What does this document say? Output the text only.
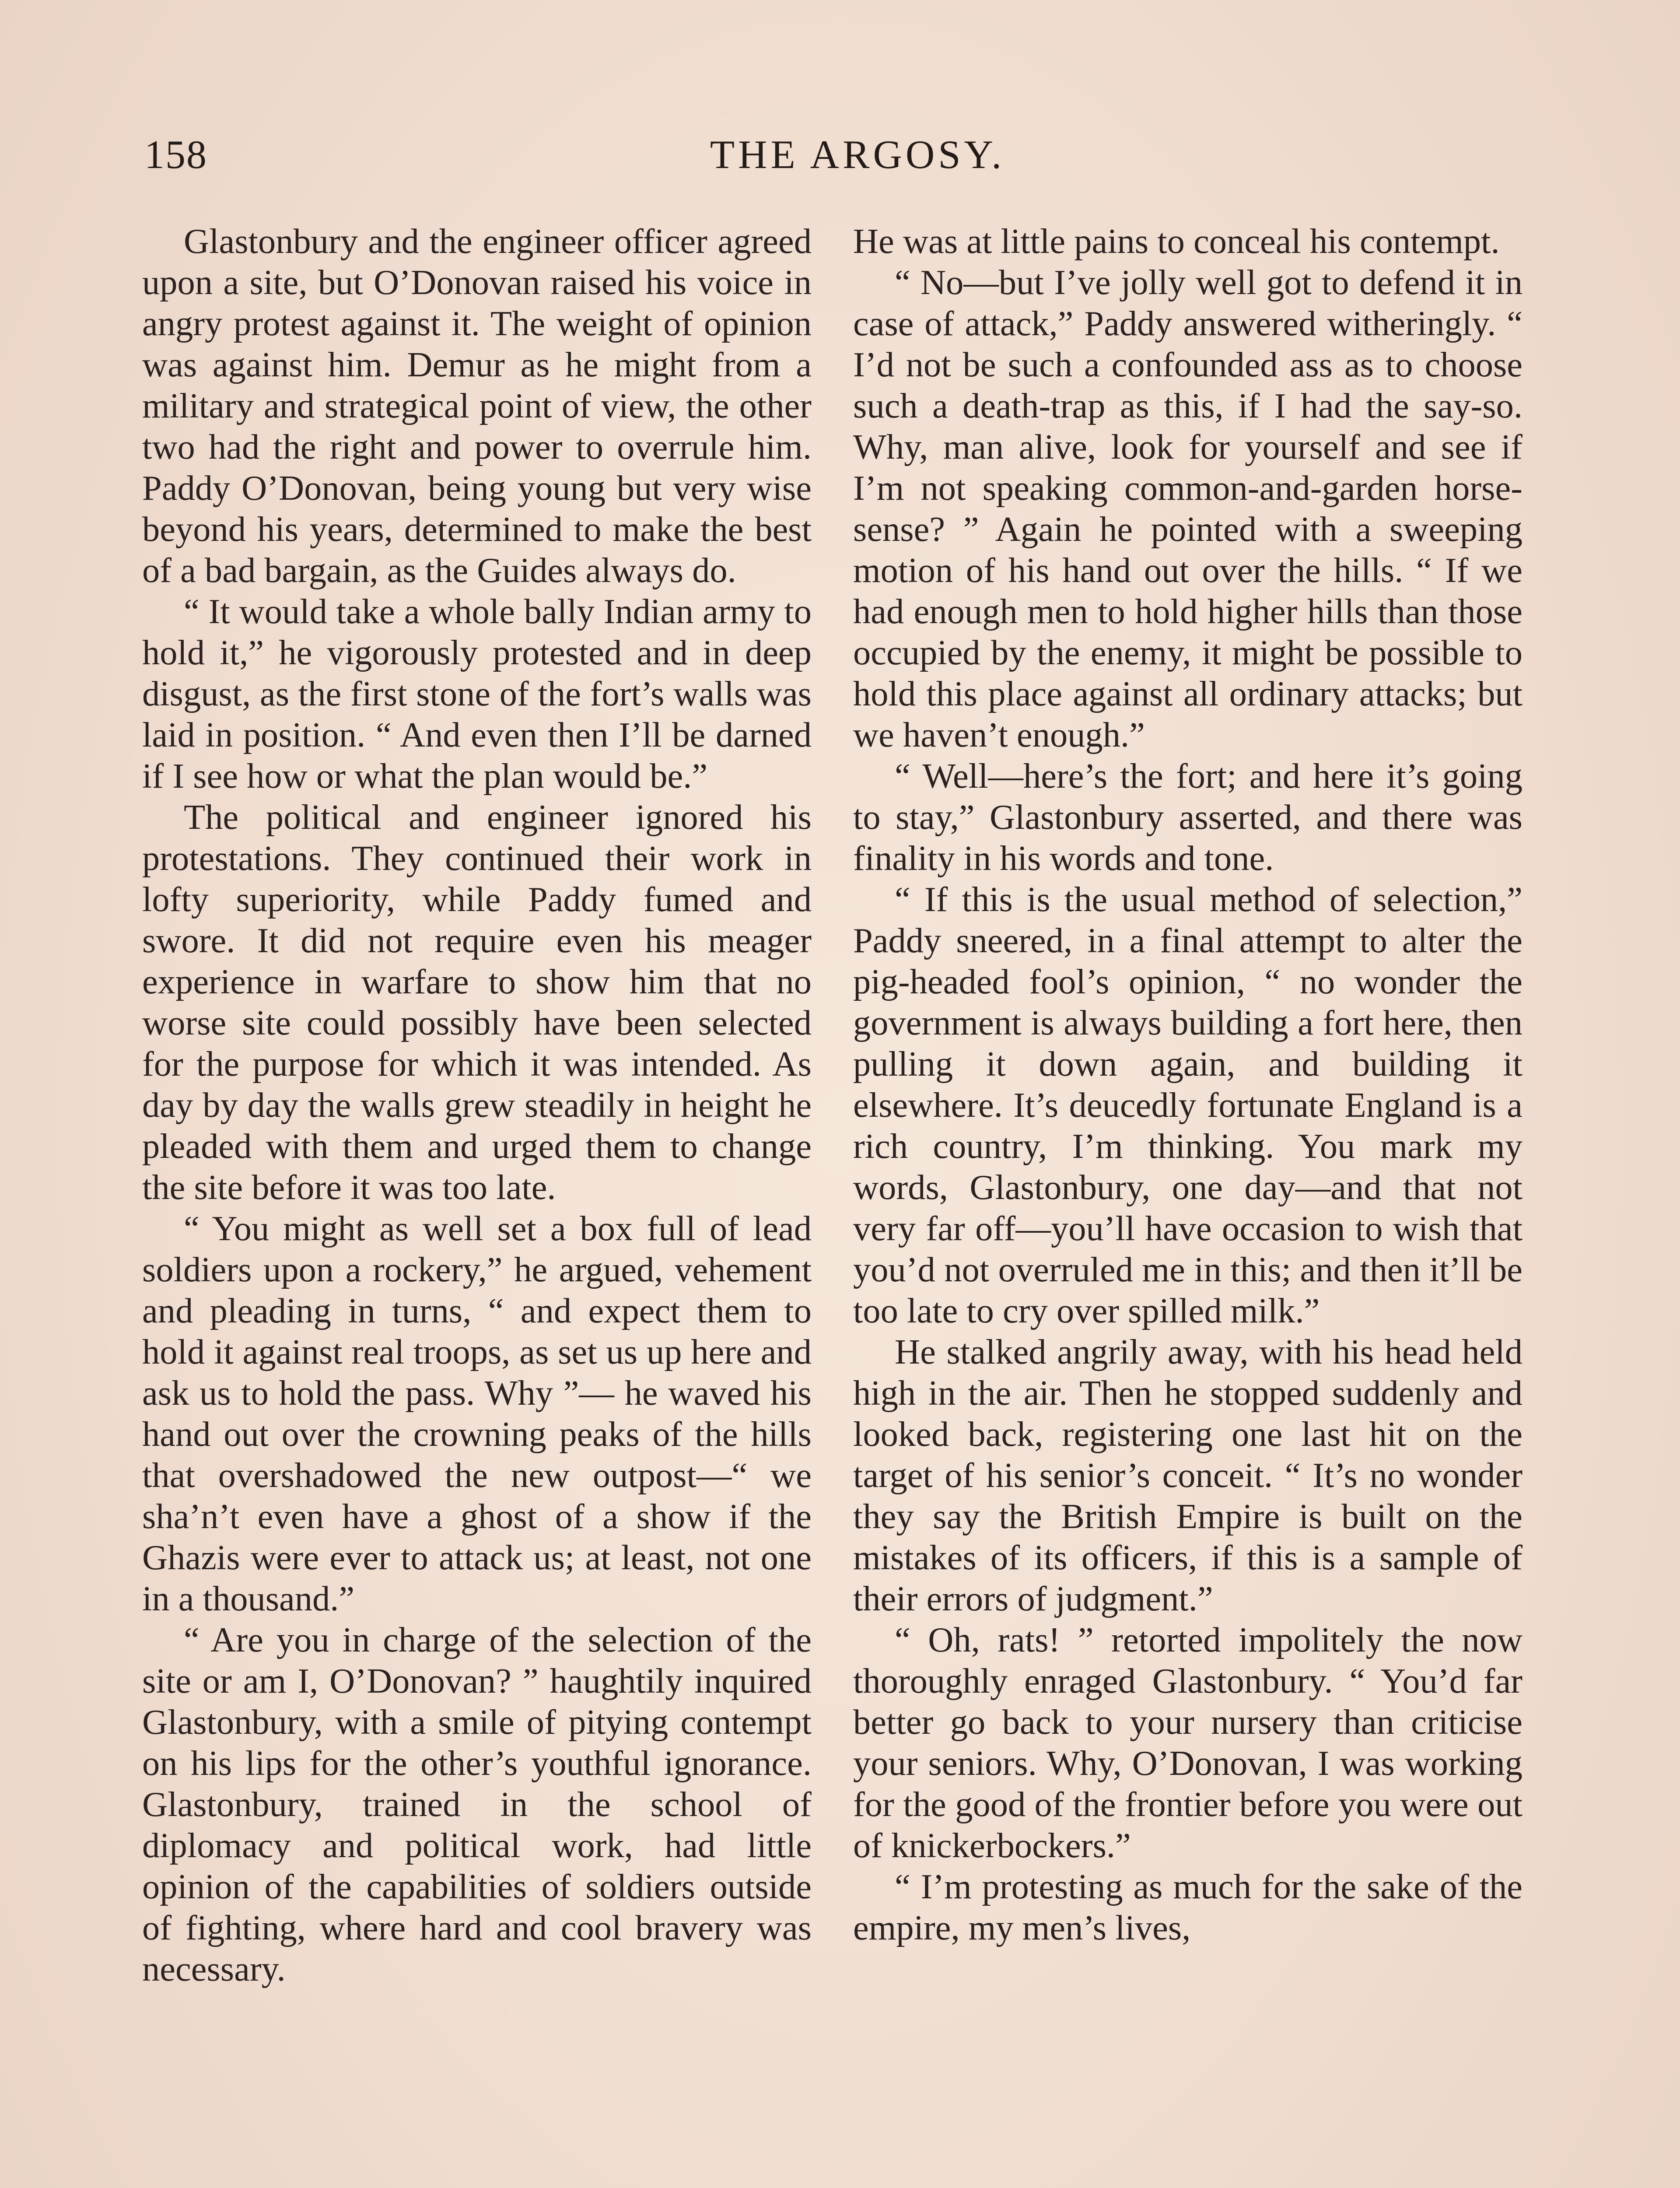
158	THE ARGOSY.

Glastonbury and the engineer officer agreed upon a site, but O’Donovan raised his voice in angry protest against it. The weight of opinion was against him. Demur as he might from a military and strategical point of view, the other two had the right and power to overrule him. Paddy O’Donovan, being young but very wise beyond his years, determined to make the best of a bad bargain, as the Guides always do.

“ It would take a whole bally Indian army to hold it,” he vigorously protested and in deep disgust, as the first stone of the fort’s walls was laid in position. “ And even then I’ll be darned if I see how or what the plan would be.”

The political and engineer ignored his protestations. They continued their work in lofty superiority, while Paddy fumed and swore. It did not require even his meager experience in warfare to show him that no worse site could possibly have been selected for the purpose for which it was intended. As day by day the walls grew steadily in height he pleaded with them and urged them to change the site before it was too late.

“ You might as well set a box full of lead soldiers upon a rockery,” he argued, vehement and pleading in turns, “ and expect them to hold it against real troops, as set us up here and ask us to hold the pass. Why ”— he waved his hand out over the crowning peaks of the hills that overshadowed the new outpost—“ we sha’n’t even have a ghost of a show if the Ghazis were ever to attack us; at least, not one in a thousand.”

“ Are you in charge of the selection of the site or am I, O’Donovan? ” haughtily inquired Glastonbury, with a smile of pitying contempt on his lips for the other’s youthful ignorance. Glastonbury, trained in the school of diplomacy and political work, had little opinion of the capabilities of soldiers outside of fighting, where hard and cool bravery was necessary.

He was at little pains to conceal his contempt.

“ No—but I’ve jolly well got to defend it in case of attack,” Paddy answered witheringly. “ I’d not be such a confounded ass as to choose such a death-trap as this, if I had the say-so. Why, man alive, look for yourself and see if I’m not speaking common-and-garden horse-sense? ” Again he pointed with a sweeping motion of his hand out over the hills. “ If we had enough men to hold higher hills than those occupied by the enemy, it might be possible to hold this place against all ordinary attacks; but we haven’t enough.”

“ Well—here’s the fort; and here it’s going to stay,” Glastonbury asserted, and there was finality in his words and tone.

“ If this is the usual method of selection,” Paddy sneered, in a final attempt to alter the pig-headed fool’s opinion, “ no wonder the government is always building a fort here, then pulling it down again, and building it elsewhere. It’s deucedly fortunate England is a rich country, I’m thinking. You mark my words, Glastonbury, one day—and that not very far off—you’ll have occasion to wish that you’d not overruled me in this; and then it’ll be too late to cry over spilled milk.”

He stalked angrily away, with his head held high in the air. Then he stopped suddenly and looked back, registering one last hit on the target of his senior’s conceit. “ It’s no wonder they say the British Empire is built on the mistakes of its officers, if this is a sample of their errors of judgment.”

“ Oh, rats! ” retorted impolitely the now thoroughly enraged Glastonbury. “ You’d far better go back to your nursery than criticise your seniors. Why, O’Donovan, I was working for the good of the frontier before you were out of knickerbockers.”

“ I’m protesting as much for the sake of the empire, my men’s lives,
